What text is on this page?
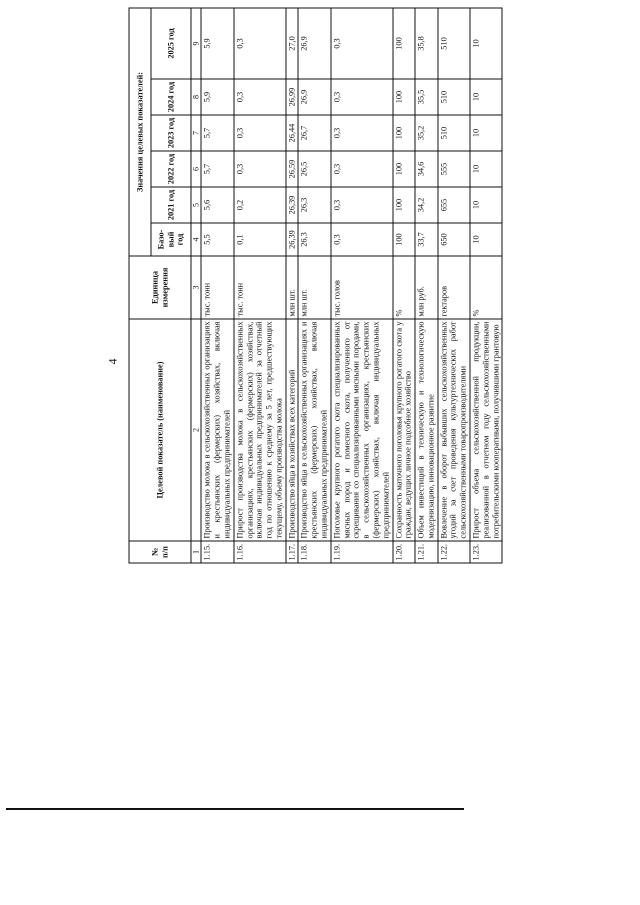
4
№ п/п	Целевой показатель (наименование)	Единица измерения	Значения целевых показателей:					
			Базо-вый год	2021 год	2022 год	2023 год	2024 год	2025 год
1	2	3	4	5	6	7	8	9
1.15.	Производство молока в сельскохозяйственных организациях и крестьянских (фермерских) хозяйствах, включая индивидуальных предпринимателей	тыс. тонн	5,5	5,6	5,7	5,7	5,9	5,9
1.16.	Прирост производства молока в сельскохозяйственных организациях, крестьянских (фермерских) хозяйствах, включая индивидуальных предпринимателей за отчетный год по отношению к среднему за 5 лет, предшествующих текущему, объему производства молока	тыс. тонн	0,1	0,2	0,3	0,3	0,3	0,3
1.17.	Производство яйца в хозяйствах всех категорий	млн шт.	26,39	26,39	26,59	26,44	26,99	27,0
1.18.	Производство яйца в сельскохозяйственных организациях и крестьянских (фермерских) хозяйствах, включая индивидуальных предпринимателей	млн шт.	26,3	26,3	26,5	26,7	26,9	26,9
1.19.	Поголовье крупного рогатого скота специализированных мясных пород и помесного скота, полученного от скрещивания со специализированными мясными породами, в сельскохозяйственных организациях, крестьянских (фермерских) хозяйствах, включая индивидуальных предпринимателей	тыс. голов	0,3	0,3	0,3	0,3	0,3	0,3
1.20.	Сохранность маточного поголовья крупного рогатого скота у граждан, ведущих личное подсобное хозяйство	%	100	100	100	100	100	100
1.21.	Объем инвестиций в техническую и технологическую модернизацию, инновационное развитие	млн руб.	33,7	34,2	34,6	35,2	35,5	35,8
1.22.	Вовлечение в оборот выбывших сельскохозяйственных угодий за счет проведения культуртехнических работ сельскохозяйственными товаропроизводителями	гектаров	650	655	555	510	510	510
1.23.	Прирост объема сельскохозяйственной продукции, реализованной в отчетном году сельскохозяйственными потребительскими кооперативами, получившими грантовую	%	10	10	10	10	10	10
